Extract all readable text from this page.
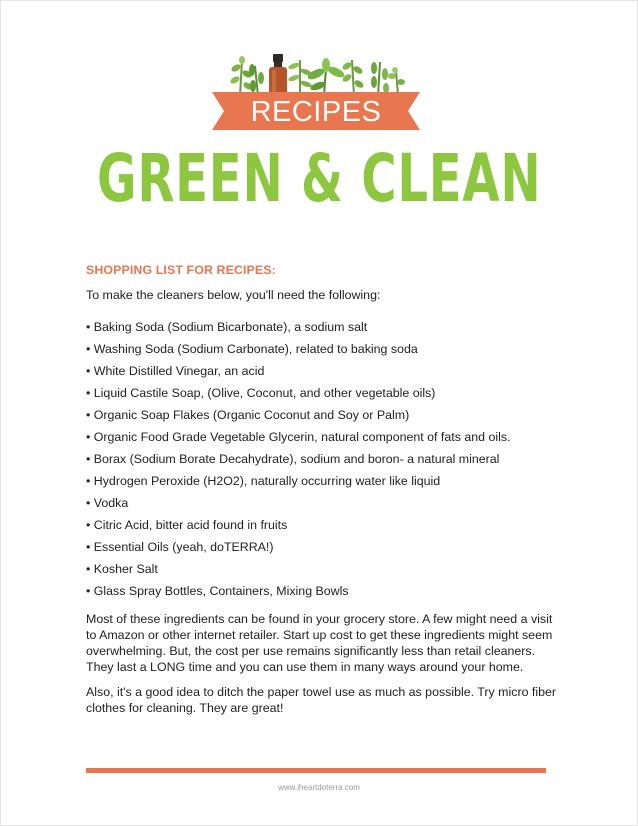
RECIPES
GREEN & CLEAN
SHOPPING LIST FOR RECIPES:
To make the cleaners below, you'll need the following:
• Baking Soda (Sodium Bicarbonate), a sodium salt
• Washing Soda (Sodium Carbonate), related to baking soda
• White Distilled Vinegar, an acid
• Liquid Castile Soap, (Olive, Coconut, and other vegetable oils)
• Organic Soap Flakes (Organic Coconut and Soy or Palm)
• Organic Food Grade Vegetable Glycerin, natural component of fats and oils.
• Borax (Sodium Borate Decahydrate), sodium and boron- a natural mineral
• Hydrogen Peroxide (H2O2), naturally occurring water like liquid
• Vodka
• Citric Acid, bitter acid found in fruits
• Essential Oils (yeah, doTERRA!)
• Kosher Salt
• Glass Spray Bottles, Containers, Mixing Bowls

Most of these ingredients can be found in your grocery store. A few might need a visit to Amazon or other internet retailer. Start up cost to get these ingredients might seem overwhelming. But, the cost per use remains significantly less than retail cleaners. They last a LONG time and you can use them in many ways around your home.

Also, it's a good idea to ditch the paper towel use as much as possible. Try micro fiber clothes for cleaning. They are great!

www.iheartdoterra.com
